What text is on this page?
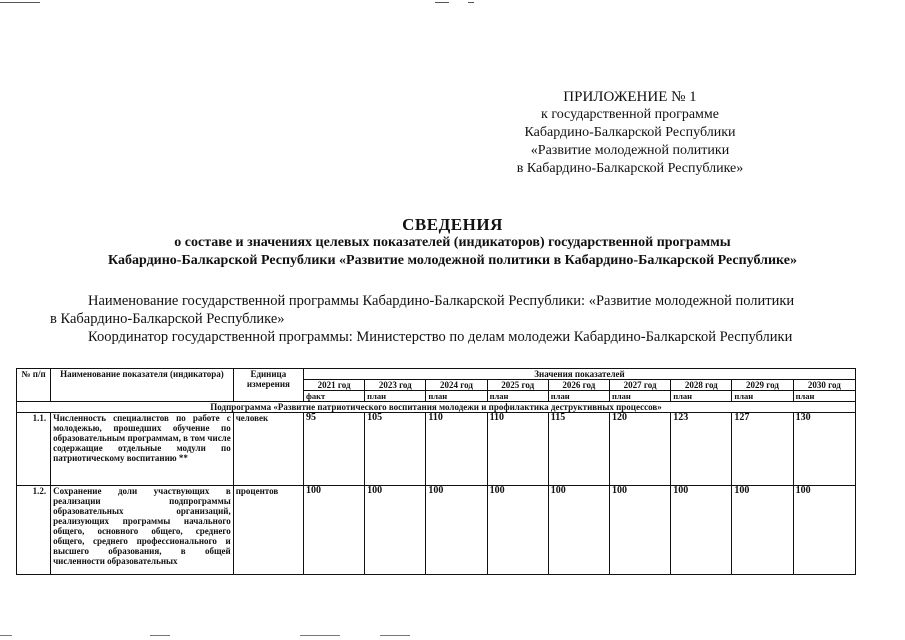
ПРИЛОЖЕНИЕ № 1
к государственной программе
Кабардино-Балкарской Республики
«Развитие молодежной политики
в Кабардино-Балкарской Республике»
СВЕДЕНИЯ
о составе и значениях целевых показателей (индикаторов) государственной программы
Кабардино-Балкарской Республики «Развитие молодежной политики в Кабардино-Балкарской Республике»
Наименование государственной программы Кабардино-Балкарской Республики: «Развитие молодежной политики
в Кабардино-Балкарской Республике»
Координатор государственной программы: Министерство по делам молодежи Кабардино-Балкарской Республики
№ п/п	Наименование показателя (индикатора)	Единица измерения	Значения показателей								
			2021 год	2023 год	2024 год	2025 год	2026 год	2027 год	2028 год	2029 год	2030 год
			факт	план	план	план	план	план	план	план	план
Подпрограмма «Развитие патриотического воспитания молодежи и профилактика деструктивных процессов»											
1.1.	Численность специалистов по работе с молодежью, прошедших обучение по образовательным программам, в том числе содержащие отдельные модули по патриотическому воспитанию **	человек	95	105	110	110	115	120	123	127	130
1.2.	Сохранение доли участвующих в реализации подпрограммы образовательных организаций, реализующих программы начального общего, основного общего, среднего общего, среднего профессионального и высшего образования, в общей численности образовательных	процентов	100	100	100	100	100	100	100	100	100
